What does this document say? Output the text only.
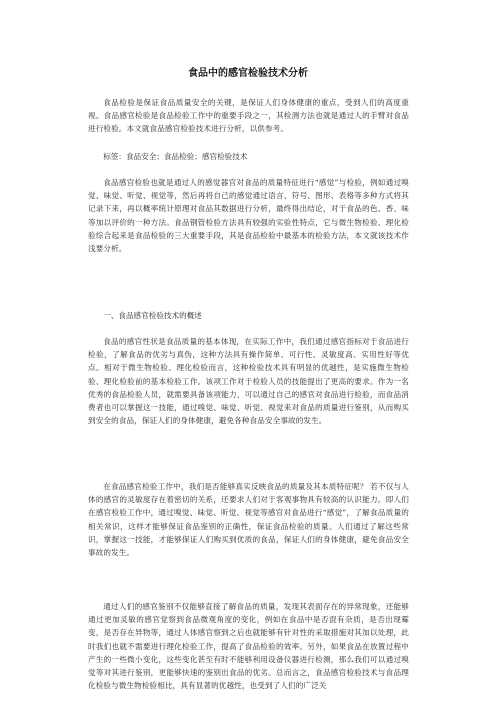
食品中的感官检验技术分析

食品检验是保证食品质量安全的关键，是保证人们身体健康的重点，受到人们的高度重视。食品感官检验是食品检验工作中的重要手段之一，其检测方法也就是通过人的手臂对食品进行检验。本文就食品感官检验技术进行分析，以供参考。

标签：食品安全；食品检验；感官检验技术

食品感官检验也就是通过人的感觉器官对食品的质量特征进行“感觉”与检验，例如通过嗅觉、味觉、听觉、视觉等，然后再将自己的感觉通过语言、符号、图形、表格等多种方式将其记录下来，再以概率统计原理对食品其数据进行分析，最终得出结论，对于食品的色、香、味等加以评价的一种方法。食品钢管检验方法具有较强的实验性特点，它与微生物检验、理化检验综合起来是食品检验的三大重要手段，其是食品检验中最基本的检验方法，本文就该技术作浅要分析。

一、食品感官检验技术的概述

食品的感官性状是食品质量的基本体现，在实际工作中，我们通过感官指标对于食品进行检验，了解食品的优劣与真伪，这种方法具有操作简单、可行性、灵敏度高、实用性好等优点。相对于微生物检验、理化检验而言，这种检验技术具有明显的优越性，是实施微生物检验、理化检验前的基本检验工作。该项工作对于检验人员的技能提出了更高的要求。作为一名优秀的食品检验人员，就需要具备该项能力，可以通过自己的感官对食品进行检验，而食品消费者也可以掌握这一技能，通过嗅觉、味觉、听觉、视觉来对食品的质量进行鉴别，从而购买到安全的食品，保证人们的身体健康，避免各种食品安全事故的发生。

在食品感官检验工作中，我们是否能够真实反映食品的质量及其本质特征呢？ 若不仅与人体的感官的灵敏度存在着密切的关系，还要求人们对于客观事物具有较高的认识能力。即人们在感官检验工作中，通过嗅觉、味觉、听觉、视觉等感官对食品进行“感觉”，了解食品质量的相关常识，这样才能够保证食品鉴别的正确性，保证食品检验的质量。人们通过了解这些常识，掌握这一技能，才能够保证人们购买到优质的食品，保证人们的身体健康，避免食品安全事故的发生。

通过人们的感官鉴别不仅能够直接了解食品的质量，发现其表面存在的异常现象，还能够通过更加灵敏的感官觉察到食品微观角度的变化，例如在食品中是否混有杂质，是否出现霉变，是否存在异物等，通过人体感官察到之后也就能够有针对性的采取措施对其加以处理，此时我们也就不需要进行理化检验工作，提高了食品检验的效率。另外，如果食品在放置过程中产生的一些微小变化，这些变化甚至有时不能够利用设备仪器进行检测，那么我们可以通过嗅觉等对其进行鉴别，更能够快速的鉴别出食品的优劣。总而言之，食品感官检验技术与食品理化检验与微生物检验相比，具有显著的优越性，也受到了人们的广泛关
